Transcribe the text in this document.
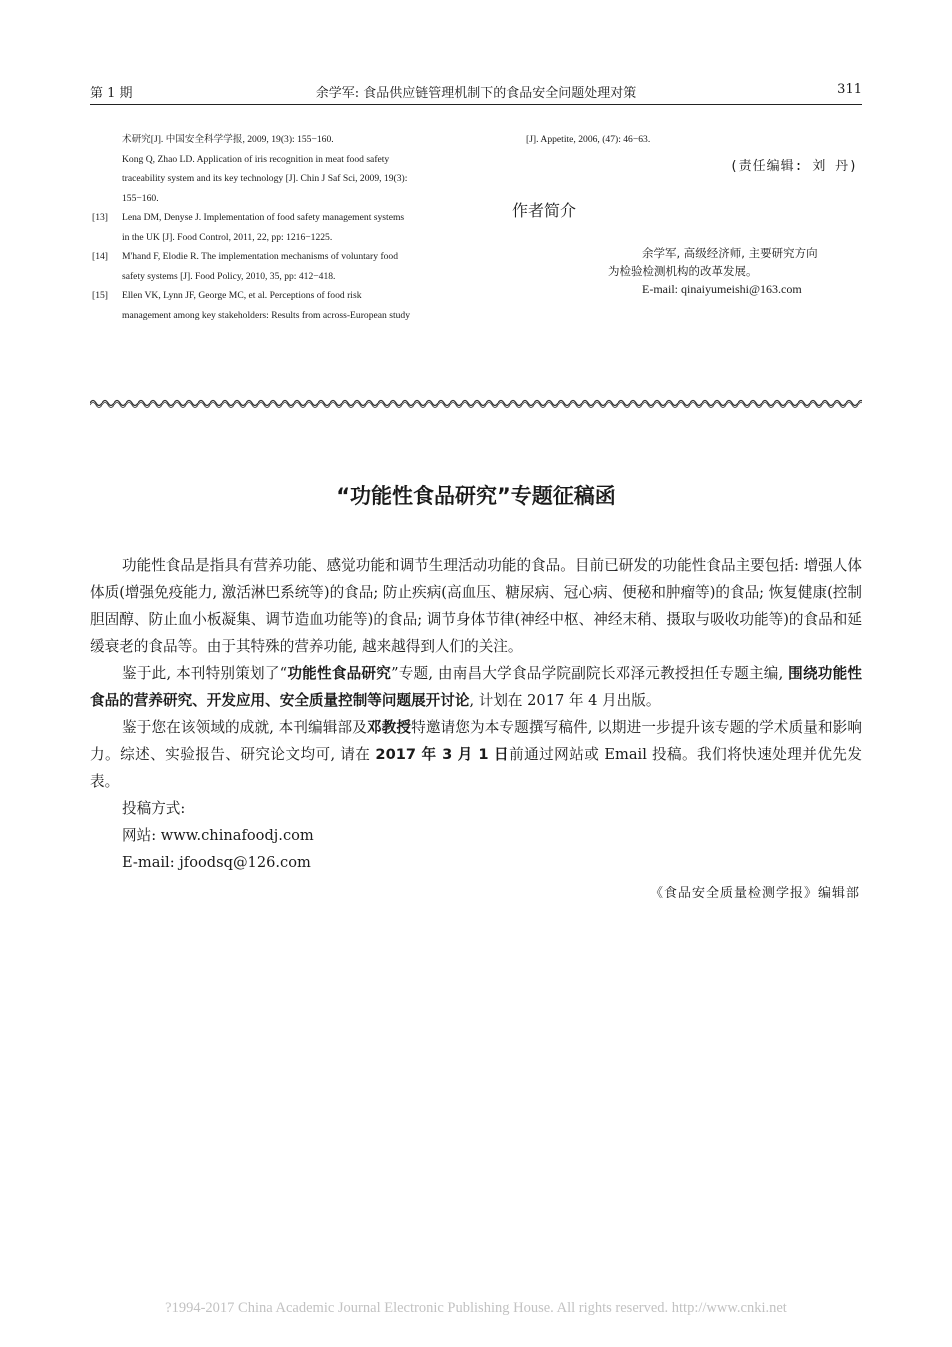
第 1 期	余学军: 食品供应链管理机制下的食品安全问题处理对策	311
术研究[J]. 中国安全科学学报, 2009, 19(3): 155−160.
Kong Q, Zhao LD. Application of iris recognition in meat food safety
traceability system and its key technology [J]. Chin J Saf Sci, 2009, 19(3):
155−160.
[13]	Lena DM, Denyse J. Implementation of food safety management systems
in the UK [J]. Food Control, 2011, 22, pp: 1216−1225.
[14]	M'hand F, Elodie R. The implementation mechanisms of voluntary food
safety systems [J]. Food Policy, 2010, 35, pp: 412−418.
[15]	Ellen VK, Lynn JF, George MC, et al. Perceptions of food risk
management among key stakeholders: Results from across-European study
[J]. Appetite, 2006, (47): 46−63.
(责任编辑: 刘 丹)
作者简介
余学军, 高级经济师, 主要研究方向
为检验检测机构的改革发展。
E-mail: qinaiyumeishi@163.com
“功能性食品研究”专题征稿函

功能性食品是指具有营养功能、感觉功能和调节生理活动功能的食品。目前已研发的功能性食品主要包括: 增强人体体质(增强免疫能力, 激活淋巴系统等)的食品; 防止疾病(高血压、糖尿病、冠心病、便秘和肿瘤等)的食品; 恢复健康(控制胆固醇、防止血小板凝集、调节造血功能等)的食品; 调节身体节律(神经中枢、神经末稍、摄取与吸收功能等)的食品和延缓衰老的食品等。由于其特殊的营养功能, 越来越得到人们的关注。

鉴于此, 本刊特别策划了“功能性食品研究”专题, 由南昌大学食品学院副院长邓泽元教授担任专题主编, 围绕功能性食品的营养研究、开发应用、安全质量控制等问题展开讨论, 计划在 2017 年 4 月出版。

鉴于您在该领域的成就, 本刊编辑部及邓教授特邀请您为本专题撰写稿件, 以期进一步提升该专题的学术质量和影响力。综述、实验报告、研究论文均可, 请在 2017 年 3 月 1 日前通过网站或 Email 投稿。我们将快速处理并优先发表。

投稿方式:
网站: www.chinafoodj.com
E-mail: jfoodsq@126.com
《食品安全质量检测学报》编辑部
?1994-2017 China Academic Journal Electronic Publishing House. All rights reserved. http://www.cnki.net
